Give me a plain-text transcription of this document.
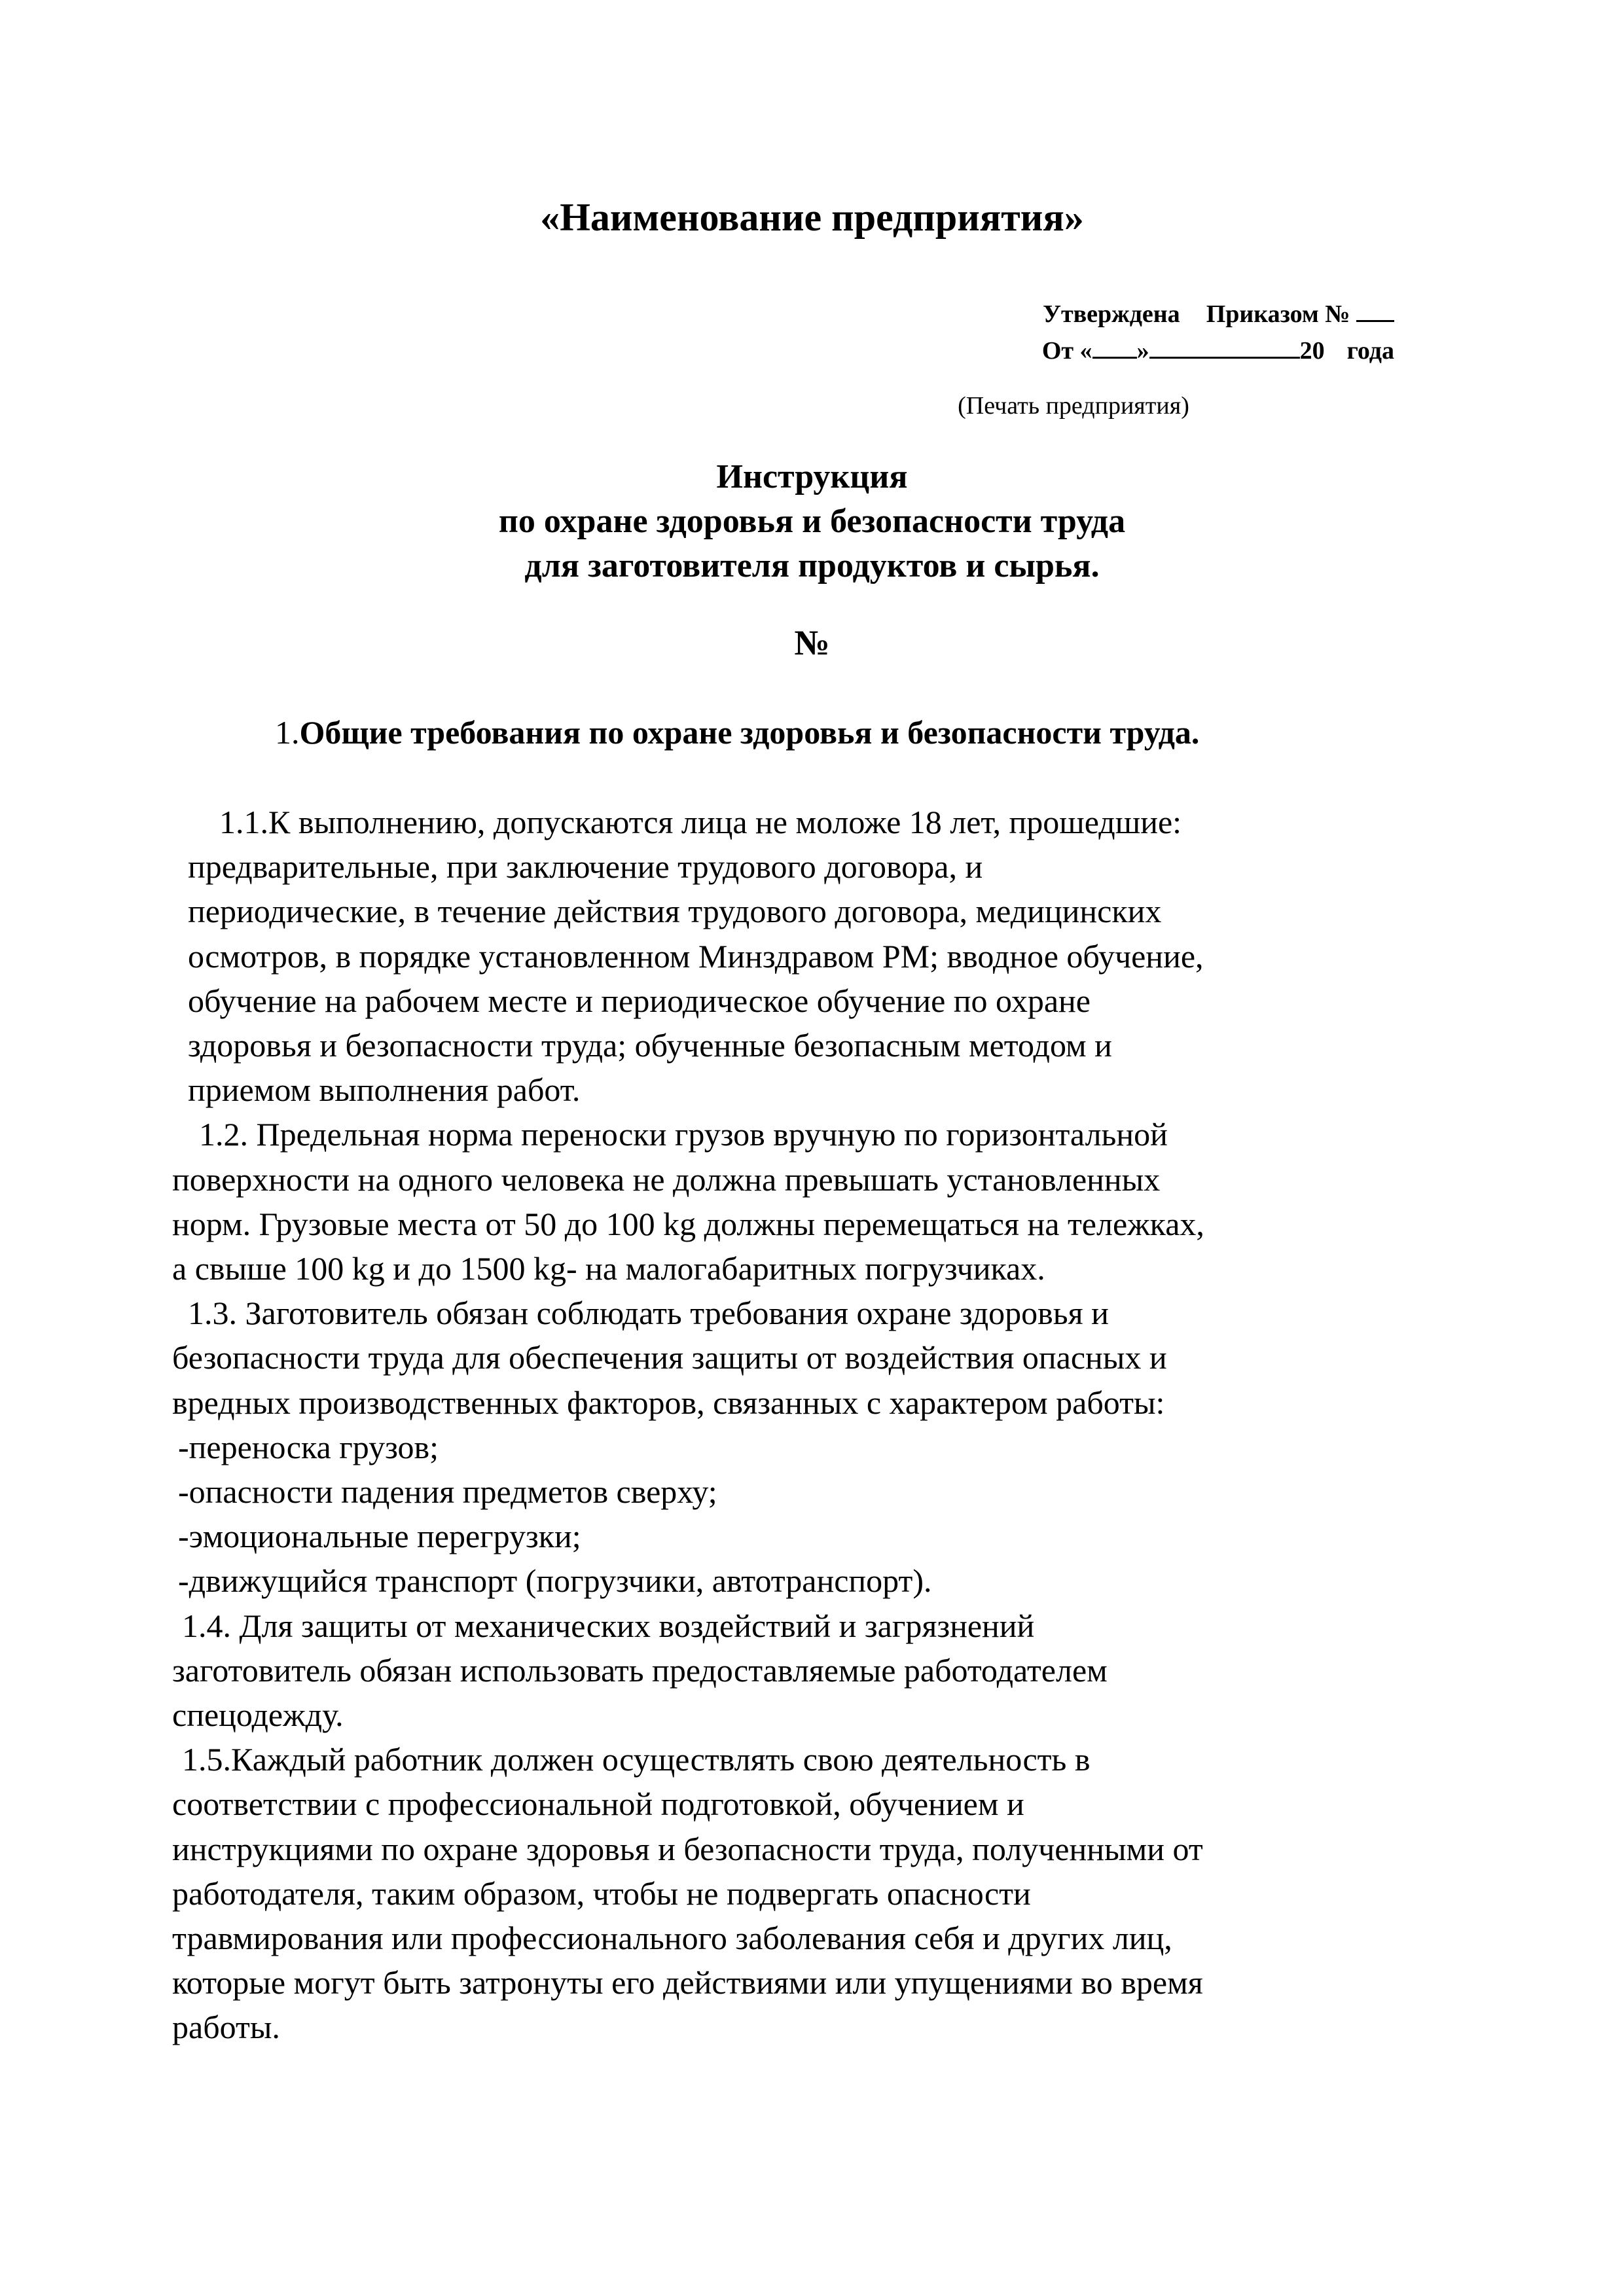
«Наименование предприятия»
Утверждена Приказом №
От « »	20 года
(Печать предприятия)
Инструкция
по охране здоровья и безопасности труда
для заготовителя продуктов и сырья.
№
1.Общие требования по охране здоровья и безопасности труда.
1.1.К выполнению, допускаются лица не моложе 18 лет, прошедшие:
предварительные, при заключение трудового договора, и
периодические, в течение действия трудового договора, медицинских
осмотров, в порядке установленном Минздравом РМ; вводное обучение,
обучение на рабочем месте и периодическое обучение по охране
здоровья и безопасности труда; обученные безопасным методом и
приемом выполнения работ.
1.2. Предельная норма переноски грузов вручную по горизонтальной
поверхности на одного человека не должна превышать установленных
норм. Грузовые места от 50 до 100 kg должны перемещаться на тележках,
а свыше 100 kg и до 1500 kg- на малогабаритных погрузчиках.
1.3. Заготовитель обязан соблюдать требования охране здоровья и
безопасности труда для обеспечения защиты от воздействия опасных и
вредных производственных факторов, связанных с характером работы:
-переноска грузов;
-опасности падения предметов сверху;
-эмоциональные перегрузки;
-движущийся транспорт (погрузчики, автотранспорт).
1.4. Для защиты от механических воздействий и загрязнений
заготовитель обязан использовать предоставляемые работодателем
спецодежду.
1.5.Каждый работник должен осуществлять свою деятельность в
соответствии с профессиональной подготовкой, обучением и
инструкциями по охране здоровья и безопасности труда, полученными от
работодателя, таким образом, чтобы не подвергать опасности
травмирования или профессионального заболевания себя и других лиц,
которые могут быть затронуты его действиями или упущениями во время
работы.
